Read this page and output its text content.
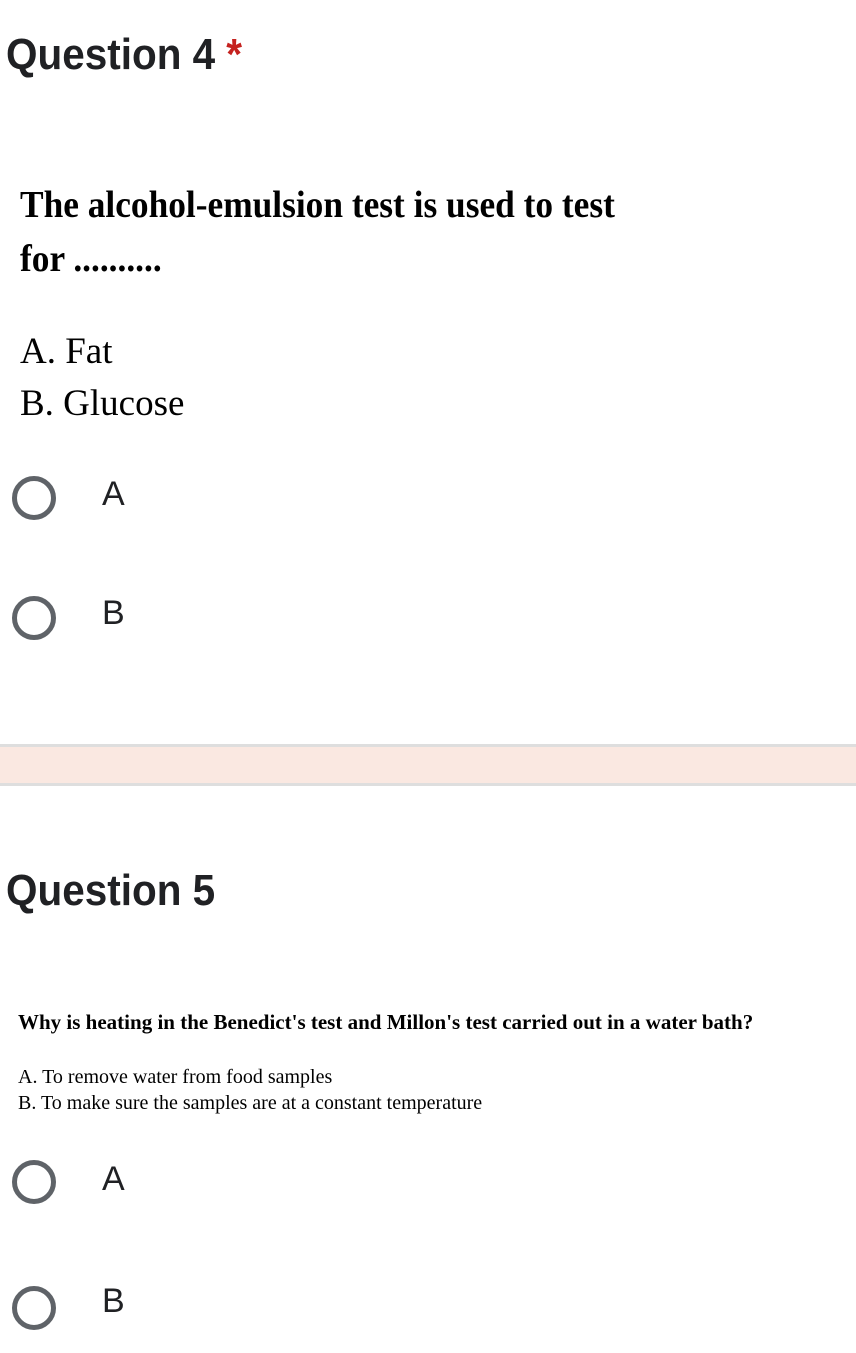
Question 4 *
The alcohol-emulsion test is used to test
for ..........
A. Fat
B. Glucose
A
B
Question 5
Why is heating in the Benedict's test and Millon's test carried out in a water bath?
A. To remove water from food samples
B. To make sure the samples are at a constant temperature
A
B
